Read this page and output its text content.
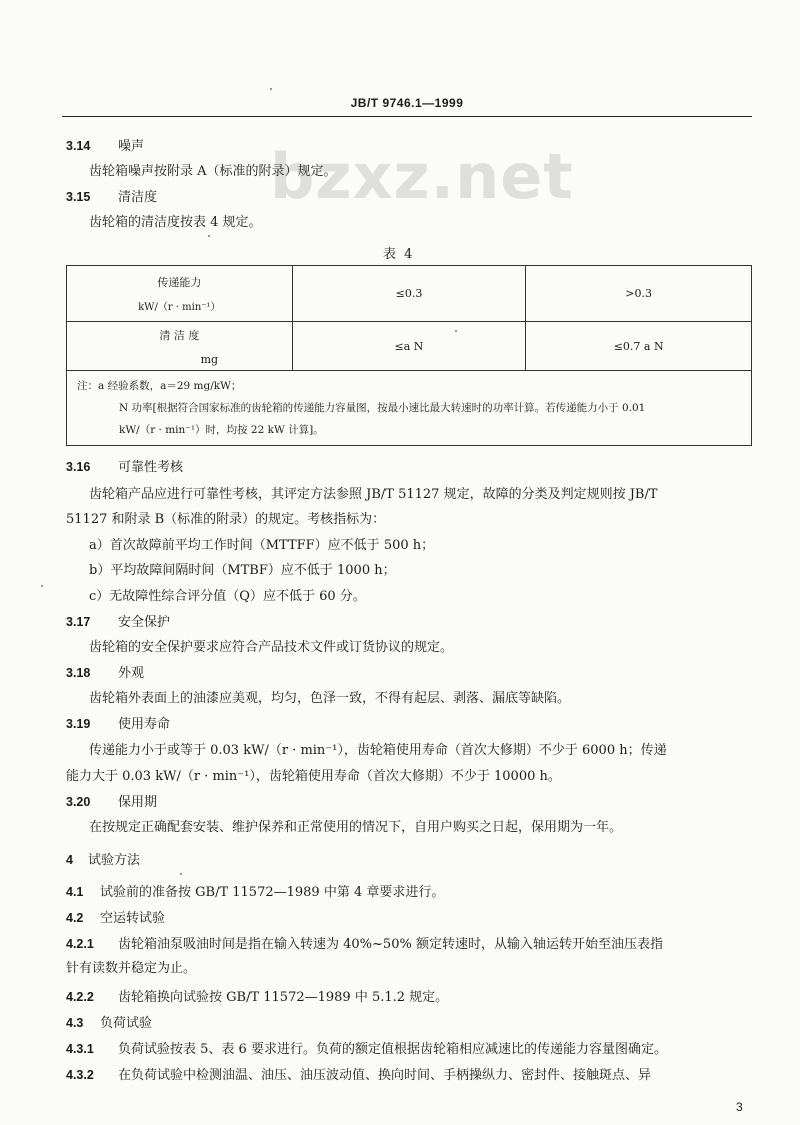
JB/T 9746.1—1999
bzxz.net
3.14 噪声
齿轮箱噪声按附录 A（标准的附录）规定。
3.15 清洁度
齿轮箱的清洁度按表 4 规定。
表 4
传递能力
kW/（r · min⁻¹）	≤0.3	>0.3

清 洁 度
mg	≤a N	≤0.7 a N

注：a 经验系数，a＝29 mg/kW；
N 功率[根据符合国家标准的齿轮箱的传递能力容量图，按最小速比最大转速时的功率计算。若传递能力小于 0.01
kW/（r · min⁻¹）时，均按 22 kW 计算]。		
3.16 可靠性考核
齿轮箱产品应进行可靠性考核，其评定方法参照 JB/T 51127 规定，故障的分类及判定规则按 JB/T
51127 和附录 B（标准的附录）的规定。考核指标为：
a）首次故障前平均工作时间（MTTFF）应不低于 500 h；
b）平均故障间隔时间（MTBF）应不低于 1000 h；
c）无故障性综合评分值（Q）应不低于 60 分。
3.17 安全保护
齿轮箱的安全保护要求应符合产品技术文件或订货协议的规定。
3.18 外观
齿轮箱外表面上的油漆应美观，均匀，色泽一致，不得有起层、剥落、漏底等缺陷。
3.19 使用寿命
传递能力小于或等于 0.03 kW/（r · min⁻¹），齿轮箱使用寿命（首次大修期）不少于 6000 h；传递
能力大于 0.03 kW/（r · min⁻¹），齿轮箱使用寿命（首次大修期）不少于 10000 h。
3.20 保用期
在按规定正确配套安装、维护保养和正常使用的情况下，自用户购买之日起，保用期为一年。
4 试验方法
4.1 试验前的准备按 GB/T 11572—1989 中第 4 章要求进行。
4.2 空运转试验
4.2.1 齿轮箱油泵吸油时间是指在输入转速为 40%~50% 额定转速时，从输入轴运转开始至油压表指
针有读数并稳定为止。
4.2.2 齿轮箱换向试验按 GB/T 11572—1989 中 5.1.2 规定。
4.3 负荷试验
4.3.1 负荷试验按表 5、表 6 要求进行。负荷的额定值根据齿轮箱相应减速比的传递能力容量图确定。
4.3.2 在负荷试验中检测油温、油压、油压波动值、换向时间、手柄操纵力、密封件、接触斑点、异
3
